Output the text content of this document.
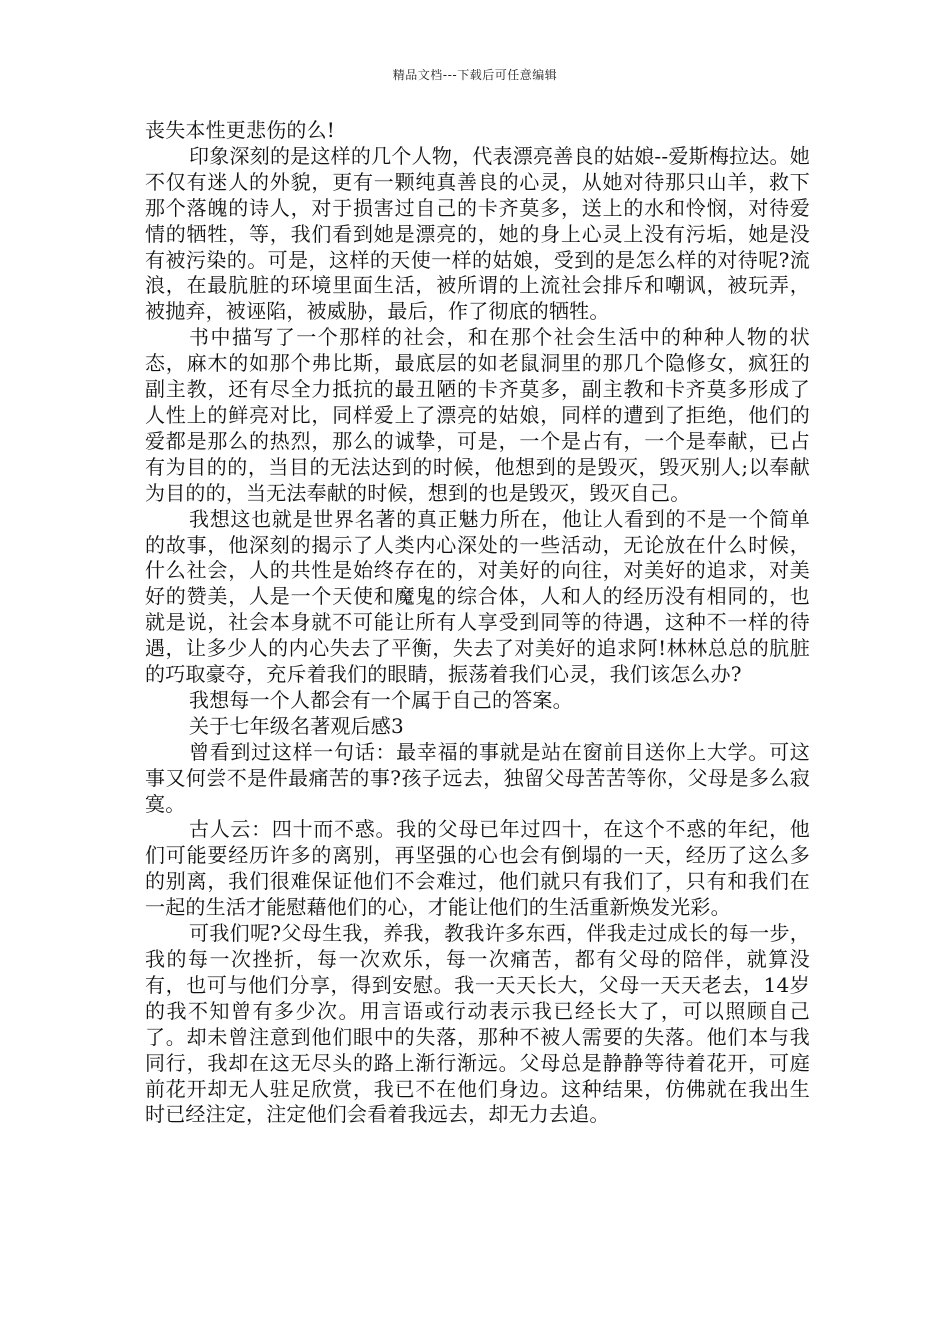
精品文档---下载后可任意编辑

丧失本性更悲伤的么!

印象深刻的是这样的几个人物，代表漂亮善良的姑娘--爱斯梅拉达。她不仅有迷人的外貌，更有一颗纯真善良的心灵，从她对待那只山羊，救下那个落魄的诗人，对于损害过自己的卡齐莫多，送上的水和怜悯，对待爱情的牺牲，等，我们看到她是漂亮的，她的身上心灵上没有污垢，她是没有被污染的。可是，这样的天使一样的姑娘，受到的是怎么样的对待呢?流浪，在最肮脏的环境里面生活，被所谓的上流社会排斥和嘲讽，被玩弄，被抛弃，被诬陷，被威胁，最后，作了彻底的牺牲。

书中描写了一个那样的社会，和在那个社会生活中的种种人物的状态，麻木的如那个弗比斯，最底层的如老鼠洞里的那几个隐修女，疯狂的副主教，还有尽全力抵抗的最丑陋的卡齐莫多，副主教和卡齐莫多形成了人性上的鲜亮对比，同样爱上了漂亮的姑娘，同样的遭到了拒绝，他们的爱都是那么的热烈，那么的诚挚，可是，一个是占有，一个是奉献，已占有为目的的，当目的无法达到的时候，他想到的是毁灭，毁灭别人;以奉献为目的的，当无法奉献的时候，想到的也是毁灭，毁灭自己。

我想这也就是世界名著的真正魅力所在，他让人看到的不是一个简单的故事，他深刻的揭示了人类内心深处的一些活动，无论放在什么时候，什么社会，人的共性是始终存在的，对美好的向往，对美好的追求，对美好的赞美，人是一个天使和魔鬼的综合体，人和人的经历没有相同的，也就是说，社会本身就不可能让所有人享受到同等的待遇，这种不一样的待遇，让多少人的内心失去了平衡，失去了对美好的追求阿!林林总总的肮脏的巧取豪夺，充斥着我们的眼睛，振荡着我们心灵，我们该怎么办?

我想每一个人都会有一个属于自己的答案。

关于七年级名著观后感3

曾看到过这样一句话：最幸福的事就是站在窗前目送你上大学。可这事又何尝不是件最痛苦的事?孩子远去，独留父母苦苦等你，父母是多么寂寞。

古人云：四十而不惑。我的父母已年过四十，在这个不惑的年纪，他们可能要经历许多的离别，再坚强的心也会有倒塌的一天，经历了这么多的别离，我们很难保证他们不会难过，他们就只有我们了，只有和我们在一起的生活才能慰藉他们的心，才能让他们的生活重新焕发光彩。

可我们呢?父母生我，养我，教我许多东西，伴我走过成长的每一步，我的每一次挫折，每一次欢乐，每一次痛苦，都有父母的陪伴，就算没有，也可与他们分享，得到安慰。我一天天长大，父母一天天老去，14岁的我不知曾有多少次。用言语或行动表示我已经长大了，可以照顾自己了。却未曾注意到他们眼中的失落，那种不被人需要的失落。他们本与我同行，我却在这无尽头的路上渐行渐远。父母总是静静等待着花开，可庭前花开却无人驻足欣赏，我已不在他们身边。这种结果，仿佛就在我出生时已经注定，注定他们会看着我远去，却无力去追。
